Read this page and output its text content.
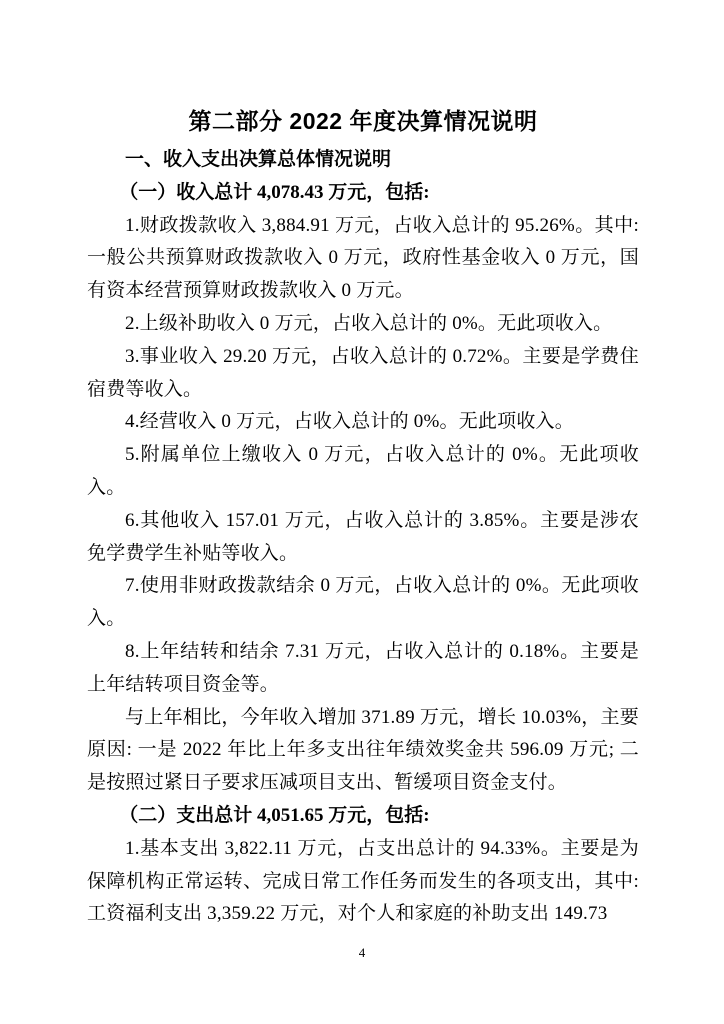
第二部分 2022 年度决算情况说明
一、收入支出决算总体情况说明
（一）收入总计 4,078.43 万元，包括:

1.财政拨款收入 3,884.91 万元，占收入总计的 95.26%。其中: 一般公共预算财政拨款收入 0 万元，政府性基金收入 0 万元，国有资本经营预算财政拨款收入 0 万元。

2.上级补助收入 0 万元，占收入总计的 0%。无此项收入。

3.事业收入 29.20 万元，占收入总计的 0.72%。主要是学费住宿费等收入。

4.经营收入 0 万元，占收入总计的 0%。无此项收入。

5.附属单位上缴收入 0 万元，占收入总计的 0%。无此项收入。

6.其他收入 157.01 万元，占收入总计的 3.85%。主要是涉农免学费学生补贴等收入。

7.使用非财政拨款结余 0 万元，占收入总计的 0%。无此项收入。

8.上年结转和结余 7.31 万元，占收入总计的 0.18%。主要是上年结转项目资金等。

与上年相比，今年收入增加 371.89 万元，增长 10.03%，主要原因: 一是 2022 年比上年多支出往年绩效奖金共 596.09 万元; 二是按照过紧日子要求压减项目支出、暂缓项目资金支付。

（二）支出总计 4,051.65 万元，包括:

1.基本支出 3,822.11 万元，占支出总计的 94.33%。主要是为保障机构正常运转、完成日常工作任务而发生的各项支出，其中: 工资福利支出 3,359.22 万元，对个人和家庭的补助支出 149.73

4
